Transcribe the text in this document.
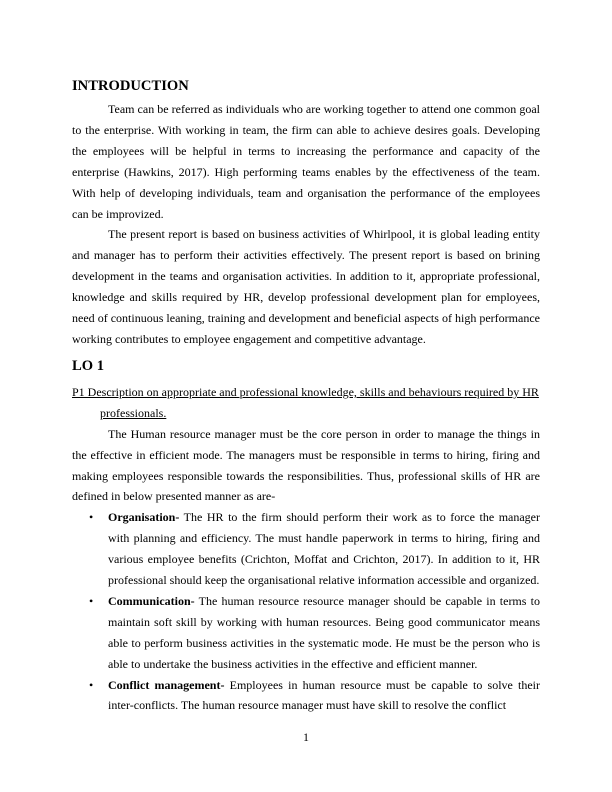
INTRODUCTION

Team can be referred as individuals who are working together to attend one common goal to the enterprise. With working in team, the firm can able to achieve desires goals. Developing the employees will be helpful in terms to increasing the performance and capacity of the enterprise (Hawkins, 2017). High performing teams enables by the effectiveness of the team. With help of developing individuals, team and organisation the performance of the employees can be improvized.

The present report is based on business activities of Whirlpool, it is global leading entity and manager has to perform their activities effectively. The present report is based on brining development in the teams and organisation activities. In addition to it, appropriate professional, knowledge and skills required by HR, develop professional development plan for employees, need of continuous leaning, training and development and beneficial aspects of high performance working contributes to employee engagement and competitive advantage.

LO 1

P1 Description on appropriate and professional knowledge, skills and behaviours required by HR professionals.

The Human resource manager must be the core person in order to manage the things in the effective in efficient mode. The managers must be responsible in terms to hiring, firing and making employees responsible towards the responsibilities. Thus, professional skills of HR are defined in below presented manner as are-

• Organisation- The HR to the firm should perform their work as to force the manager with planning and efficiency. The must handle paperwork in terms to hiring, firing and various employee benefits (Crichton, Moffat and Crichton, 2017). In addition to it, HR professional should keep the organisational relative information accessible and organized.
• Communication- The human resource resource manager should be capable in terms to maintain soft skill by working with human resources. Being good communicator means able to perform business activities in the systematic mode. He must be the person who is able to undertake the business activities in the effective and efficient manner.
• Conflict management- Employees in human resource must be capable to solve their inter-conflicts. The human resource manager must have skill to resolve the conflict
1
